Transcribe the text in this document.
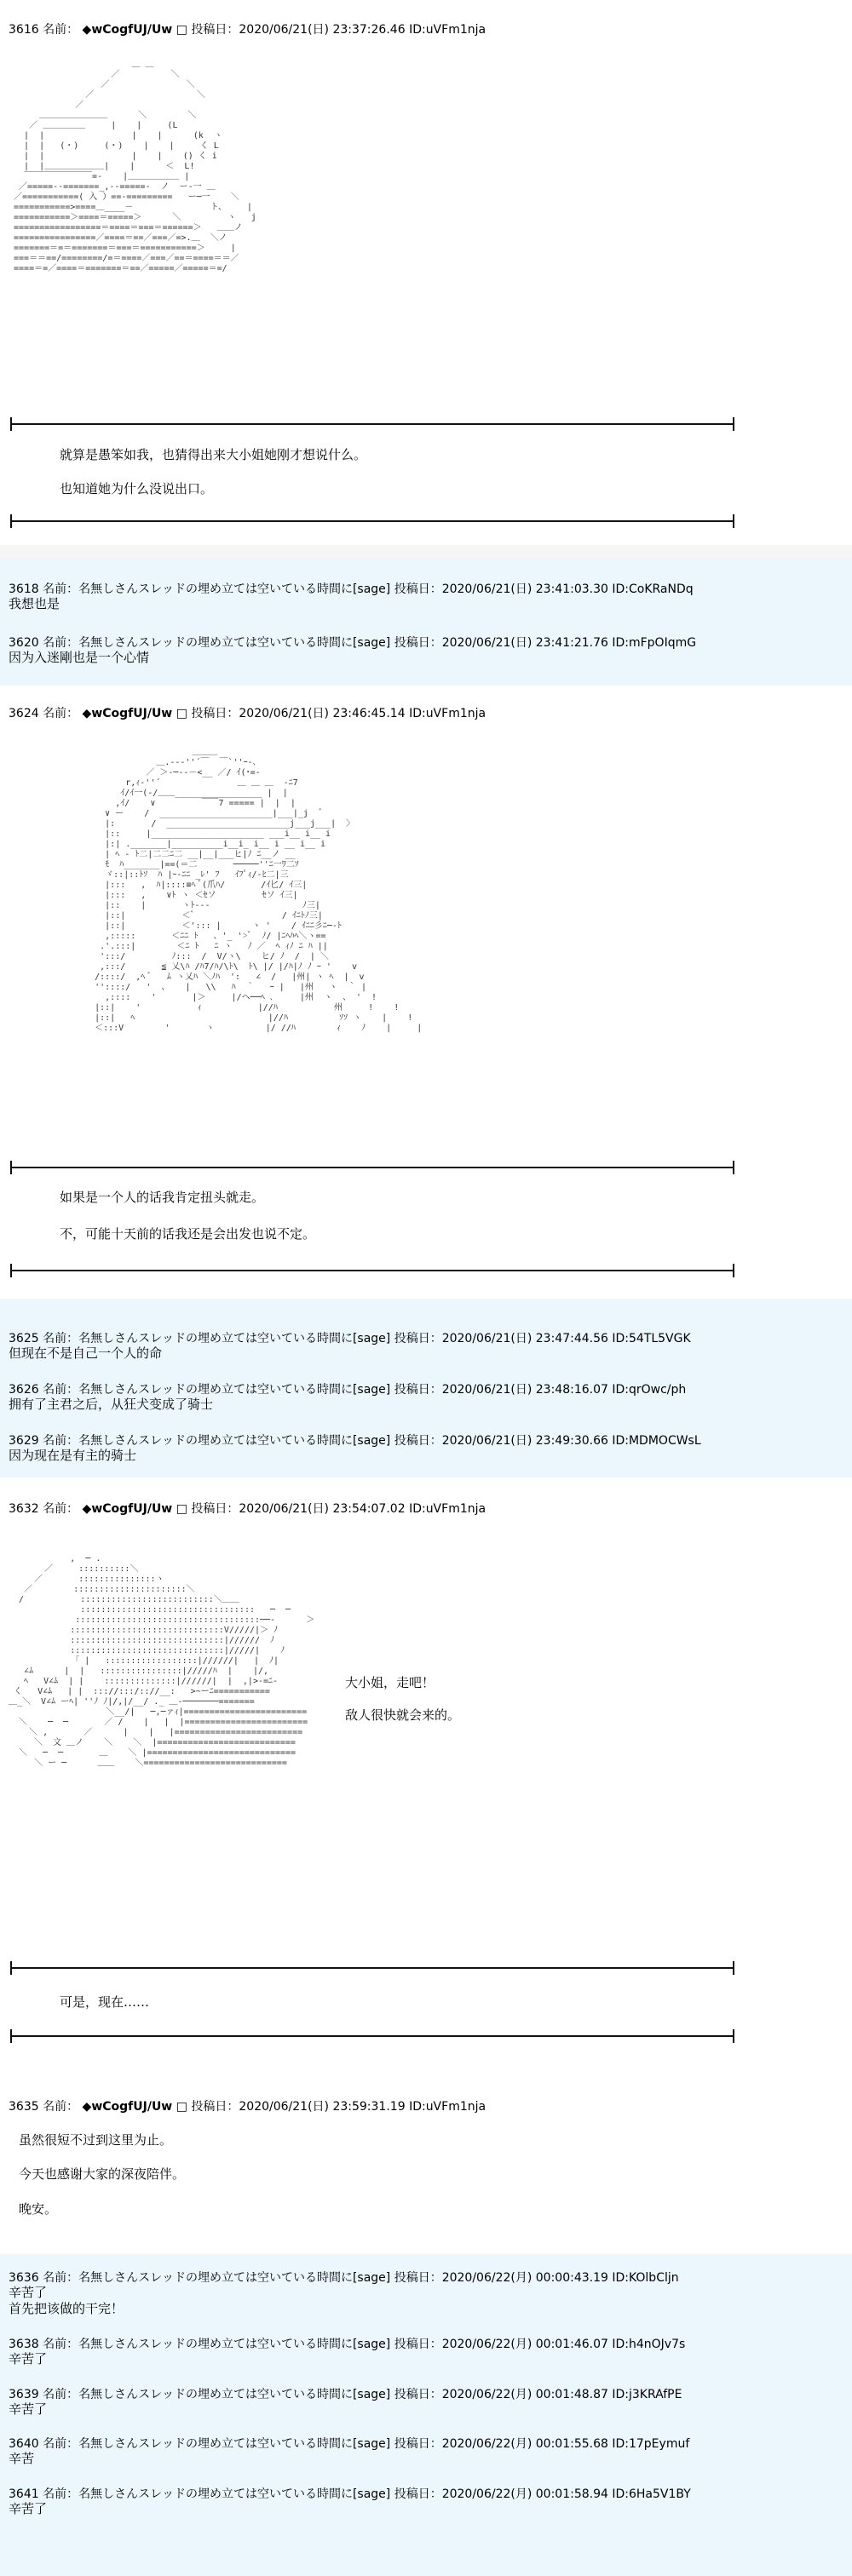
3616 名前： ◆wCogfUJ/Uw □ 投稿日：2020/06/21(日) 23:37:26.46 ID:uVFm1nja
＿ ＿
／          ＼
／               ＼
／                    ＼
／
＿＿＿＿＿＿＿＿      ＼        ＼
／ ＿＿＿＿＿     |    |     (L
|  |                 |    |      (k  ヽ
|  |   (・)     (・)    |    |     く L
|  |                 |    |    () く i
|  |＿＿＿＿＿＿＿|    |      ＜  L!
￣￣￣￣￣￣￣￣=-    |＿＿＿＿＿＿ |
／=====--=======_,--=====-  ノ  ー-一 ＿
／===========( 入 ）==-=========   ー─一    ＼
===========>====＿____－               ト、    |
===========＞====＝=====＞      ＼         ヽ   j
=================＝====＝===＝======＞   ＿＿ノ
================／====＝==／===／=>.＿  ＼ノ
=======＝=＝=======＝===＝===========＞     |
===＝＝==/========/=＝====／===／==＝====＝＝／
====＝=／====＝=======＝==／=====／=====＝=/
就算是愚笨如我，也猜得出来大小姐她刚才想说什么。
也知道她为什么没说出口。
3618 名前：名無しさんスレッドの埋め立ては空いている時間に[sage] 投稿日：2020/06/21(日) 23:41:03.30 ID:CoKRaNDq
我想也是
3620 名前：名無しさんスレッドの埋め立ては空いている時間に[sage] 投稿日：2020/06/21(日) 23:41:21.76 ID:mFpOIqmG
因为入迷剛也是一个心情
3624 名前： ◆wCogfUJ/Uw □ 投稿日：2020/06/21(日) 23:46:45.14 ID:uVFm1nja
＿＿＿
＿.-‐‐''´￣  ￣`''ｰ-､
／ ＞-─‐-－<__ ／/ ｲ(･=-
r,ｨ-''´               ＿ ＿ ＿  ‐ﾆ7
ｲ/ｲ一(-/＿＿_________________ |  |
,ｲ/    ∨         ￣￣7 ===== |  |  |
∨ ー    /  ______________________|___|_j  ﾞ
|:       /  ________________________j___j___|  〉
|::     |______________________ ___i__ i__ i
|:| ._______|__________i__i_ i__ i __ i__ i
| ﾍ ‐ ﾄ二|二二ﾆ二 __|__|___ヒ|ﾉ ﾆ__ノ __
ﾓ  ﾊ_______|==(＝二       ─────''ﾆ一ﾜ二ｿ
ゞ::|::ﾄｿ  ﾊ |ｰ-ﾆﾆ _ﾚ' ﾌ   ｲﾌﾟｨ/-ﾋ二|三
|:::   ,  ﾊ|::::≡ﾍ ﾞ(爪ﾊ/       /ｲ匕/ ｲ三|
|:::   ,    ∨ﾄ ヽ ＜ｾソ         ｾソ ｲ三|
|::    |       ヽﾄ---                  ﾉ三|
|::|           ＜ﾞ                 / ｲﾆﾄﾉ三|
|::|           ＜'::: |      ヽ '    / ｲﾆﾆ彡ﾆ─-ﾄ
,:::::       ＜ﾆﾆ ﾄ   、'_ '>ﾞ  ﾉ/ |ﾆﾍﾊﾍ＼ヽ==
.'.:::|        ＜ﾆ ﾄ   ﾆ ヽ   ﾉ ／  ﾍ ｨﾉ ﾆ ﾊ ||
':::/         ﾉ:::  /  V/ヽ\    ヒ/ ﾉ  /  | ＼
,:::/       ≦ 乂\ﾊ /ﾊ7/ﾊ/\ﾄ\  ﾄ\ |/ |/ﾊ|ﾉ ﾉ ｰ '    v
/::::/  ,ﾍ ﾞ   ﾑ ヽ乂ﾊ ＼ﾉﾊ  ':   ∠  /   |州| ヽ ﾍ  |  v
''::::/   '  、   |   \\   ﾊ  ｀   ｰ |   |州   ヽ  ｀ |
,::::    '       |＞     |/ヘ──ﾍ ､     |州  ヽ  、 '  !
|::|    '           ｨ           |//ﾊ           州     !    !
|::|   ﾍ                          |//ﾊ          ｿｿ ヽ    |    !
＜:::V        '       ヽ          |/ //ﾊ        ｨ    ﾉ    |     |
如果是一个人的话我肯定扭头就走。
不，可能十天前的话我还是会出发也说不定。
3625 名前：名無しさんスレッドの埋め立ては空いている時間に[sage] 投稿日：2020/06/21(日) 23:47:44.56 ID:54TL5VGK
但现在不是自己一个人的命
3626 名前：名無しさんスレッドの埋め立ては空いている時間に[sage] 投稿日：2020/06/21(日) 23:48:16.07 ID:qrOwc/ph
拥有了主君之后，从狂犬变成了骑士
3629 名前：名無しさんスレッドの埋め立ては空いている時間に[sage] 投稿日：2020/06/21(日) 23:49:30.66 ID:MDMOCWsL
因为现在是有主的骑士
3632 名前： ◆wCogfUJ/Uw □ 投稿日：2020/06/21(日) 23:54:07.02 ID:uVFm1nja
,  ─ .
／     ::::::::::＼
／       :::::::::::::::ヽ
／        ::::::::::::::::::::::＼
/           ::::::::::::::::::::::::::＼＿＿
::::::::::::::::::::::::::::::::::   ─  ─
::::::::::::::::::::::::::::::::::::──-      ＞
::::::::::::::::::::::::::::::V/////|＞ ﾉ
::::::::::::::::::::::::::::::|//////  ﾉ
::::::::::::::::::::::::::::::|/////|    ﾉ
｢ |   ::::::::::::::::::|//////|   |  ﾉ|
∠ﾑ      |  |   ::::::::::::::::|/////ﾊ  |    |/,
ﾍ   V∠ﾑ  | |    ::::::::::::::|//////|  |  ,|>-=ﾆ-
く   V∠ﾑ   | |  ::://:::/:://__:   >~ーﾆ===========
＿_＼  V∠ﾑ ーﾍ| ''ﾉ ﾉ|/,|/__/ ._ ＿-───────=======
＼__/|   ─,─ァｨ|========================
＼    ─  ─       ／ /    |   |  |========================
＼ ,       ／      |    |   |=========================
＼  文 ＿ノ    ＼    ＼  |===========================
＼   ─  ─       ＿    ＼ |=============================
＼ ー ─      ＿＿    ＼============================
大小姐，走吧！
敌人很快就会来的。
可是，现在……
3635 名前： ◆wCogfUJ/Uw □ 投稿日：2020/06/21(日) 23:59:31.19 ID:uVFm1nja
虽然很短不过到这里为止。
今天也感谢大家的深夜陪伴。
晚安。
3636 名前：名無しさんスレッドの埋め立ては空いている時間に[sage] 投稿日：2020/06/22(月) 00:00:43.19 ID:KOlbCljn
辛苦了
首先把该做的干完！
3638 名前：名無しさんスレッドの埋め立ては空いている時間に[sage] 投稿日：2020/06/22(月) 00:01:46.07 ID:h4nOJv7s
辛苦了
3639 名前：名無しさんスレッドの埋め立ては空いている時間に[sage] 投稿日：2020/06/22(月) 00:01:48.87 ID:j3KRAfPE
辛苦了
3640 名前：名無しさんスレッドの埋め立ては空いている時間に[sage] 投稿日：2020/06/22(月) 00:01:55.68 ID:17pEymuf
辛苦
3641 名前：名無しさんスレッドの埋め立ては空いている時間に[sage] 投稿日：2020/06/22(月) 00:01:58.94 ID:6Ha5V1BY
辛苦了
